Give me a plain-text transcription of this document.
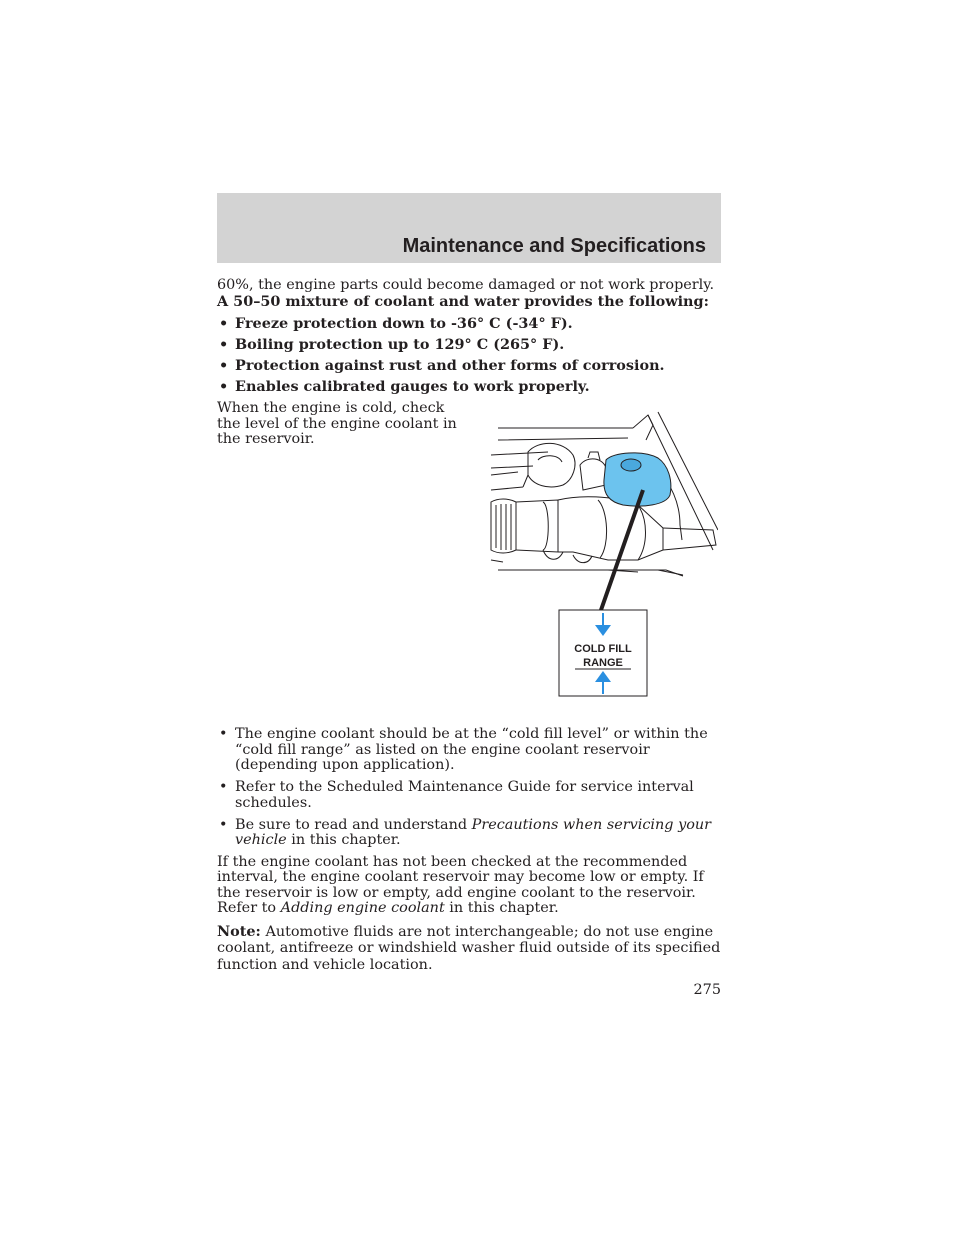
Maintenance and Specifications

60%, the engine parts could become damaged or not work properly. A 50–50 mixture of coolant and water provides the following:

• Freeze protection down to -36° C (-34° F).
• Boiling protection up to 129° C (265° F).
• Protection against rust and other forms of corrosion.
• Enables calibrated gauges to work properly.

When the engine is cold, check the level of the engine coolant in the reservoir.

COLD FILL
RANGE
• The engine coolant should be at the “cold fill level” or within the “cold fill range” as listed on the engine coolant reservoir (depending upon application).
• Refer to the Scheduled Maintenance Guide for service interval schedules.
• Be sure to read and understand Precautions when servicing your vehicle in this chapter.

If the engine coolant has not been checked at the recommended interval, the engine coolant reservoir may become low or empty. If the reservoir is low or empty, add engine coolant to the reservoir. Refer to Adding engine coolant in this chapter.

Note: Automotive fluids are not interchangeable; do not use engine coolant, antifreeze or windshield washer fluid outside of its specified function and vehicle location.

275
